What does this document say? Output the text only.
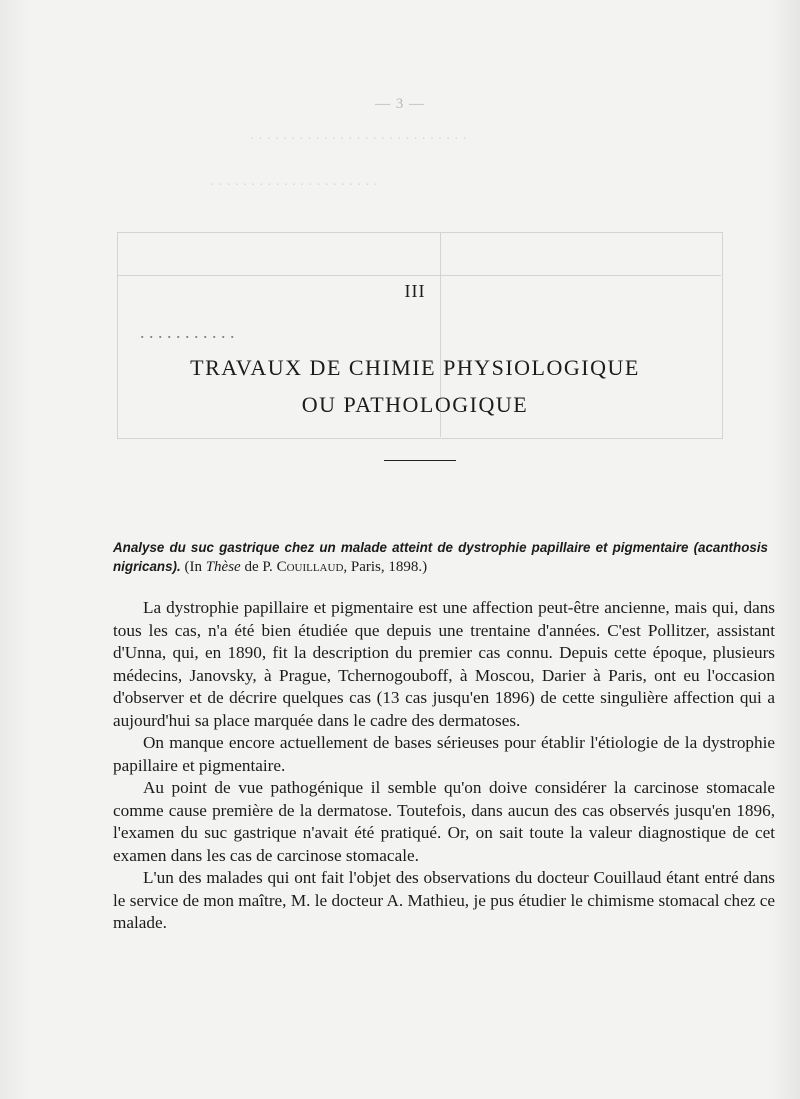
· · · · · · · · · · · · · · · · · · · · · · · · · · ·
· · · · · · · · · · · · · · · · · · · · ·
. . . . . . . . . . .
— 3 —
III
TRAVAUX DE CHIMIE PHYSIOLOGIQUE
OU PATHOLOGIQUE
Analyse du suc gastrique chez un malade atteint de dystrophie papillaire et pigmentaire (acanthosis nigricans). (In Thèse de P. Couillaud, Paris, 1898.)

La dystrophie papillaire et pigmentaire est une affection peut-être ancienne, mais qui, dans tous les cas, n'a été bien étudiée que depuis une trentaine d'années. C'est Pollitzer, assistant d'Unna, qui, en 1890, fit la description du premier cas connu. Depuis cette époque, plusieurs médecins, Janovsky, à Prague, Tchernogouboff, à Moscou, Darier à Paris, ont eu l'occasion d'observer et de décrire quelques cas (13 cas jusqu'en 1896) de cette singulière affection qui a aujourd'hui sa place marquée dans le cadre des dermatoses.

On manque encore actuellement de bases sérieuses pour établir l'étiologie de la dystrophie papillaire et pigmentaire.

Au point de vue pathogénique il semble qu'on doive considérer la carcinose stomacale comme cause première de la dermatose. Toutefois, dans aucun des cas observés jusqu'en 1896, l'examen du suc gastrique n'avait été pratiqué. Or, on sait toute la valeur diagnostique de cet examen dans les cas de carcinose stomacale.

L'un des malades qui ont fait l'objet des observations du docteur Couillaud étant entré dans le service de mon maître, M. le docteur A. Mathieu, je pus étudier le chimisme stomacal chez ce malade.
